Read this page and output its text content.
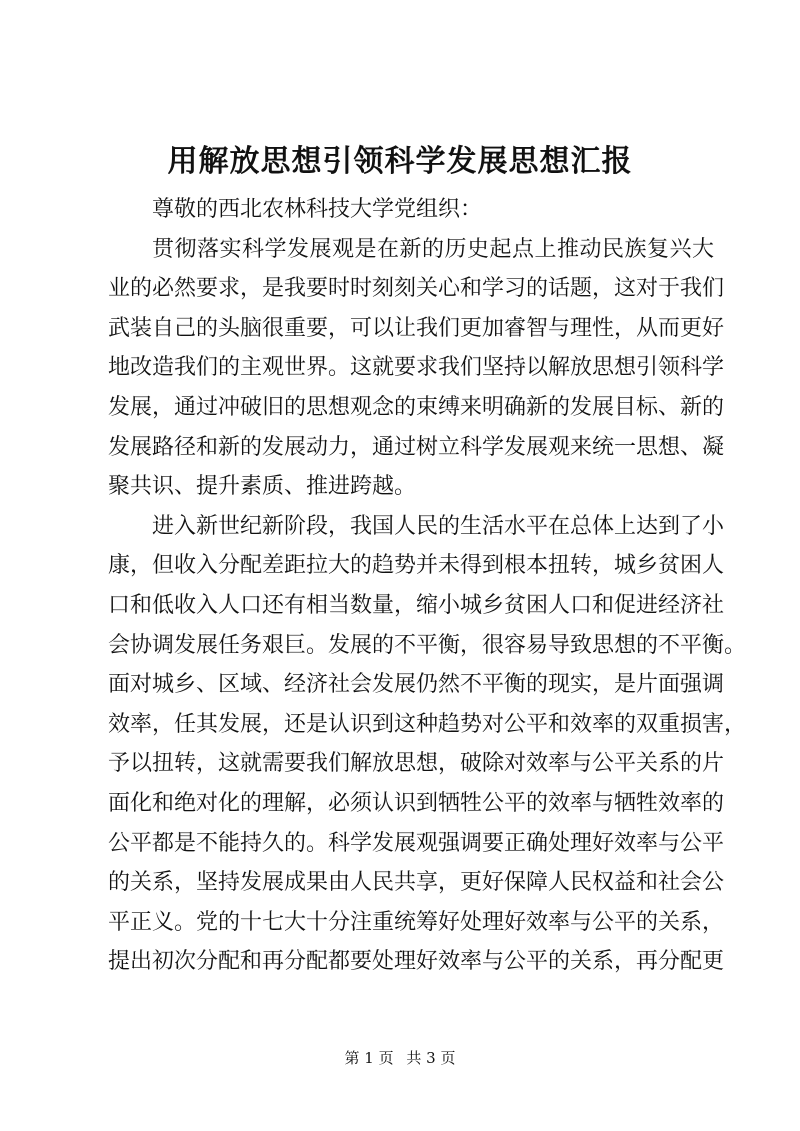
用解放思想引领科学发展思想汇报
尊敬的西北农林科技大学党组织：
贯彻落实科学发展观是在新的历史起点上推动民族复兴大
业的必然要求，是我要时时刻刻关心和学习的话题，这对于我们
武装自己的头脑很重要，可以让我们更加睿智与理性，从而更好
地改造我们的主观世界。这就要求我们坚持以解放思想引领科学
发展，通过冲破旧的思想观念的束缚来明确新的发展目标、新的
发展路径和新的发展动力，通过树立科学发展观来统一思想、凝
聚共识、提升素质、推进跨越。
进入新世纪新阶段，我国人民的生活水平在总体上达到了小
康，但收入分配差距拉大的趋势并未得到根本扭转，城乡贫困人
口和低收入人口还有相当数量，缩小城乡贫困人口和促进经济社
会协调发展任务艰巨。发展的不平衡，很容易导致思想的不平衡。
面对城乡、区域、经济社会发展仍然不平衡的现实，是片面强调
效率，任其发展，还是认识到这种趋势对公平和效率的双重损害，
予以扭转，这就需要我们解放思想，破除对效率与公平关系的片
面化和绝对化的理解，必须认识到牺牲公平的效率与牺牲效率的
公平都是不能持久的。科学发展观强调要正确处理好效率与公平
的关系，坚持发展成果由人民共享，更好保障人民权益和社会公
平正义。党的十七大十分注重统筹好处理好效率与公平的关系，
提出初次分配和再分配都要处理好效率与公平的关系，再分配更
第 1 页 共 3 页
